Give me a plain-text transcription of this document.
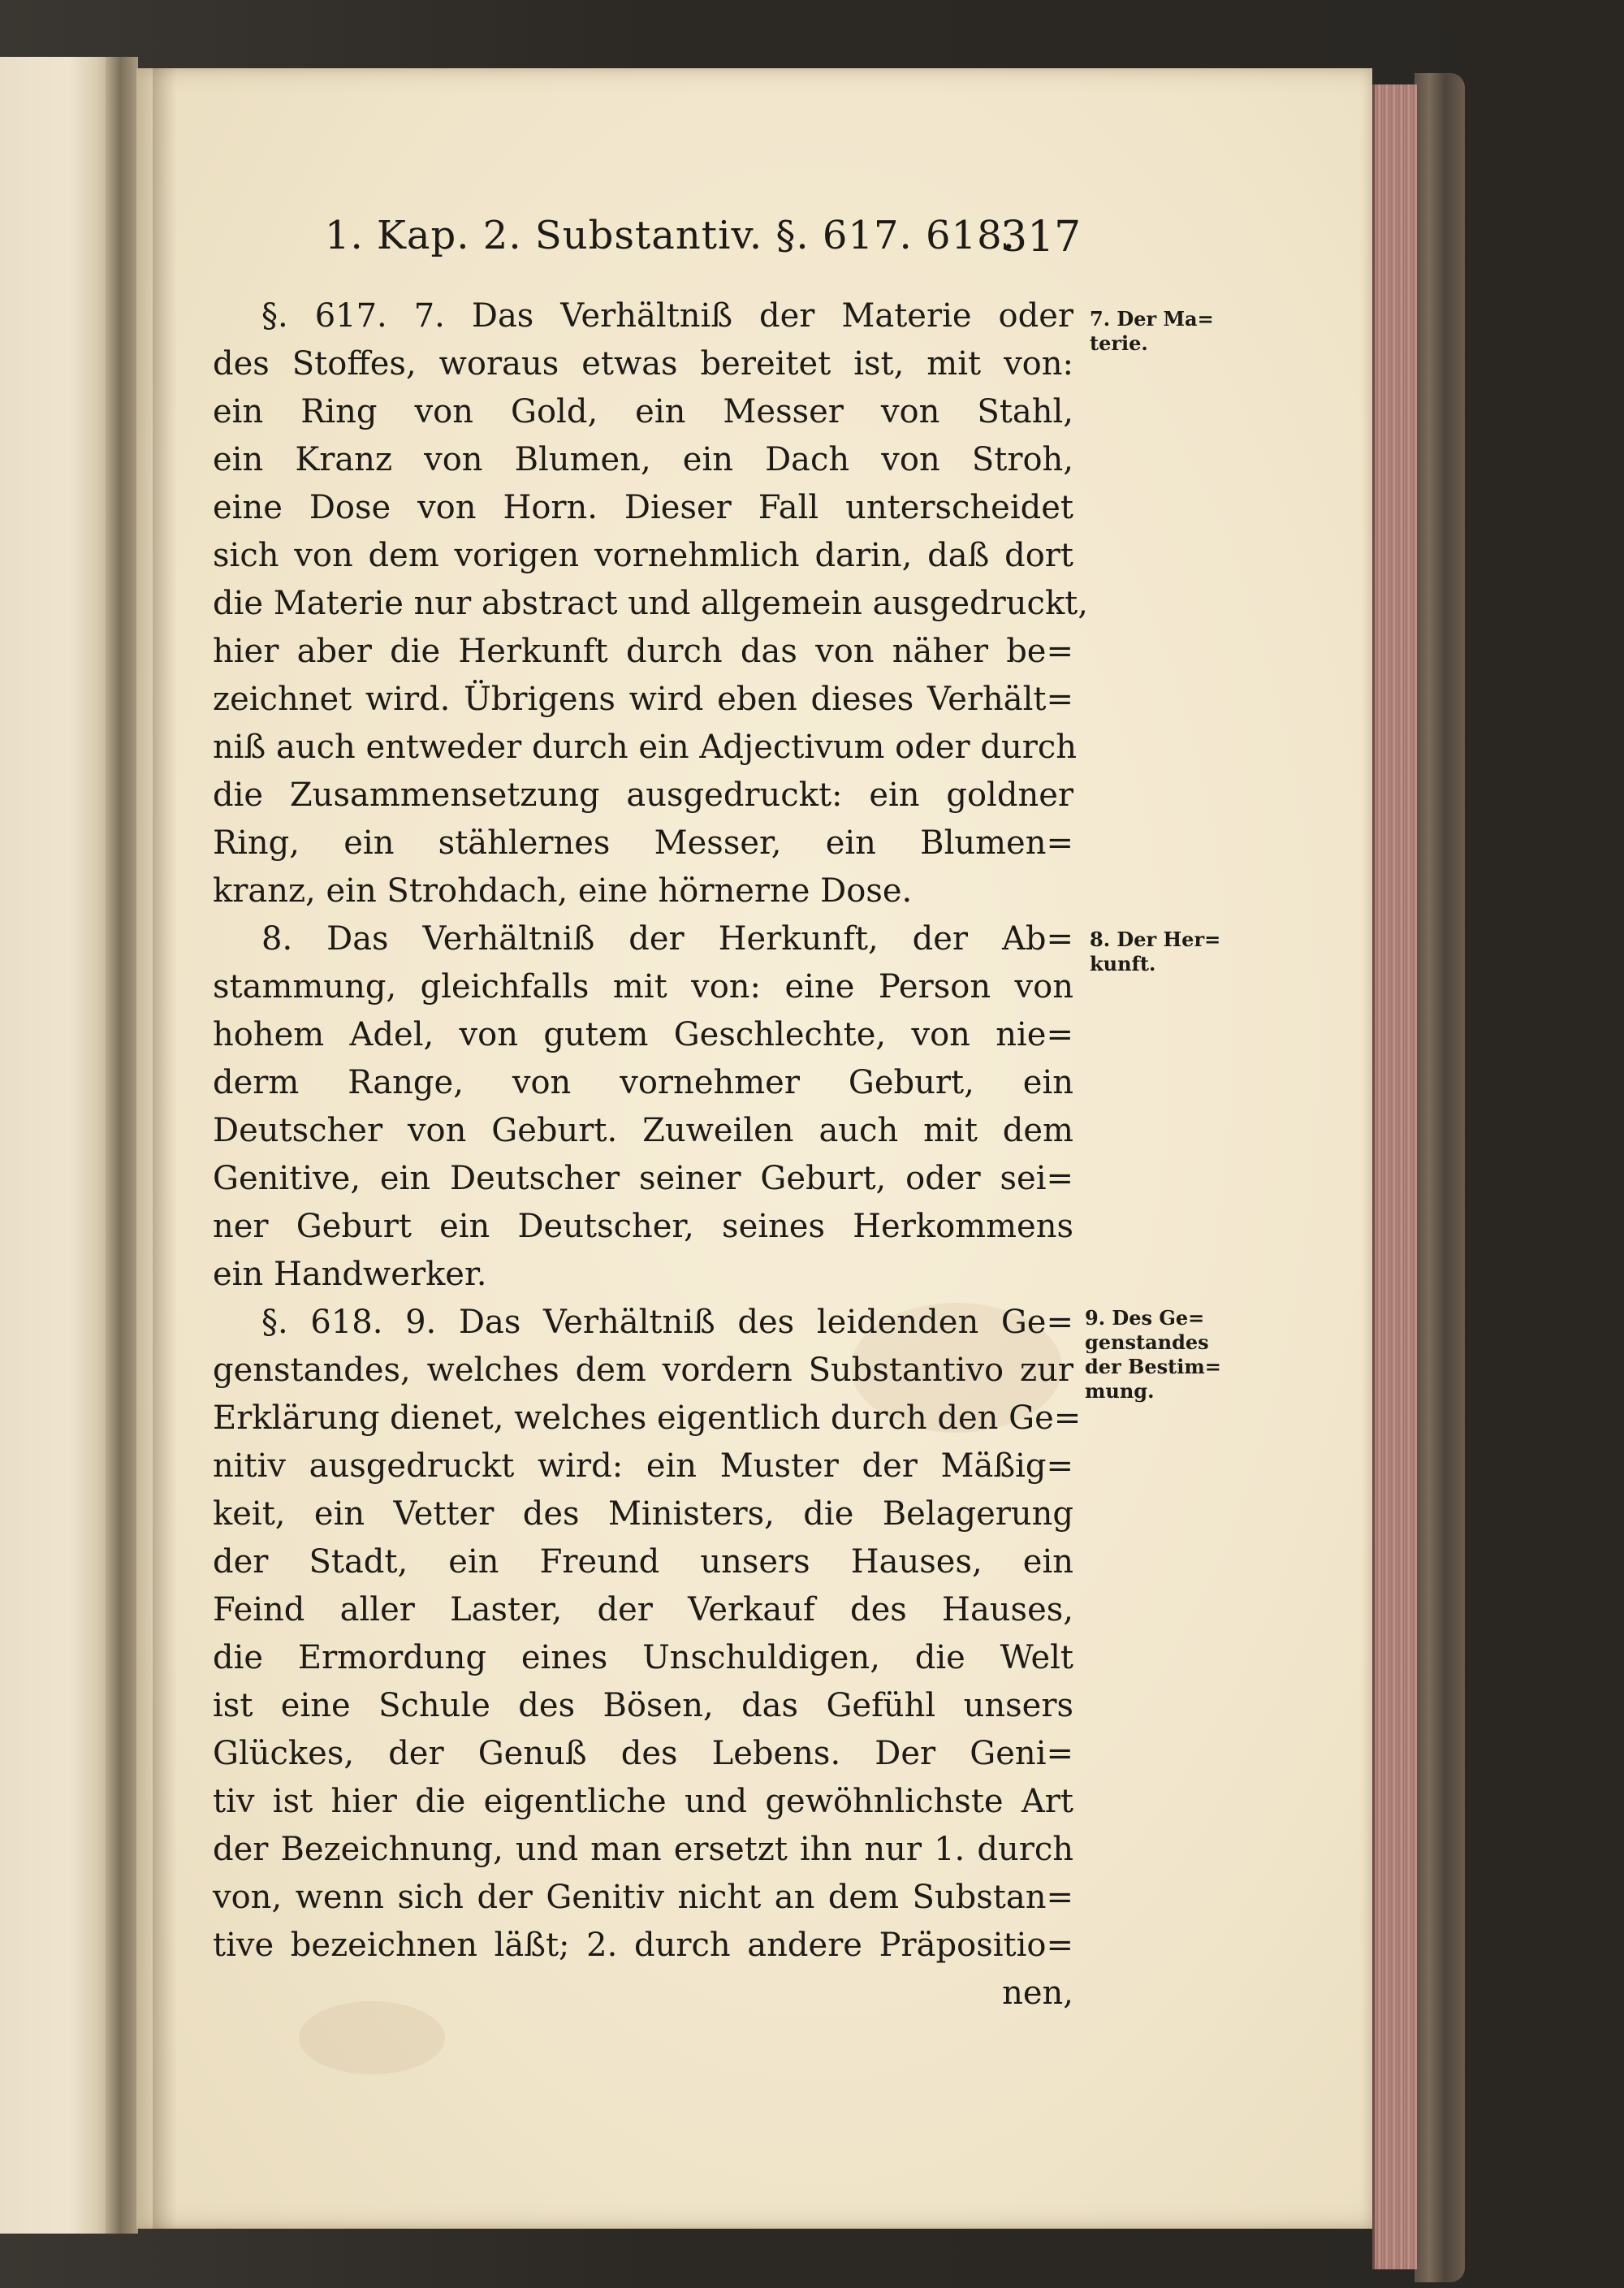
1. Kap. 2. Substantiv. §. 617. 618.
317
§. 617. 7. Das Verhältniß der Materie oder
des Stoffes, woraus etwas bereitet ist, mit von:
ein Ring von Gold, ein Messer von Stahl,
ein Kranz von Blumen, ein Dach von Stroh,
eine Dose von Horn. Dieser Fall unterscheidet
sich von dem vorigen vornehmlich darin, daß dort
die Materie nur abstract und allgemein ausgedruckt,
hier aber die Herkunft durch das von näher be=
zeichnet wird. Übrigens wird eben dieses Verhält=
niß auch entweder durch ein Adjectivum oder durch
die Zusammensetzung ausgedruckt: ein goldner
Ring, ein stählernes Messer, ein Blumen=
kranz, ein Strohdach, eine hörnerne Dose.
8. Das Verhältniß der Herkunft, der Ab=
stammung, gleichfalls mit von: eine Person von
hohem Adel, von gutem Geschlechte, von nie=
derm Range, von vornehmer Geburt, ein
Deutscher von Geburt. Zuweilen auch mit dem
Genitive, ein Deutscher seiner Geburt, oder sei=
ner Geburt ein Deutscher, seines Herkommens
ein Handwerker.
§. 618. 9. Das Verhältniß des leidenden Ge=
genstandes, welches dem vordern Substantivo zur
Erklärung dienet, welches eigentlich durch den Ge=
nitiv ausgedruckt wird: ein Muster der Mäßig=
keit, ein Vetter des Ministers, die Belagerung
der Stadt, ein Freund unsers Hauses, ein
Feind aller Laster, der Verkauf des Hauses,
die Ermordung eines Unschuldigen, die Welt
ist eine Schule des Bösen, das Gefühl unsers
Glückes, der Genuß des Lebens. Der Geni=
tiv ist hier die eigentliche und gewöhnlichste Art
der Bezeichnung, und man ersetzt ihn nur 1. durch
von, wenn sich der Genitiv nicht an dem Substan=
tive bezeichnen läßt; 2. durch andere Präpositio=
nen,
7. Der Ma=
terie.
8. Der Her=
kunft.
9. Des Ge=
genstandes
der Bestim=
mung.
